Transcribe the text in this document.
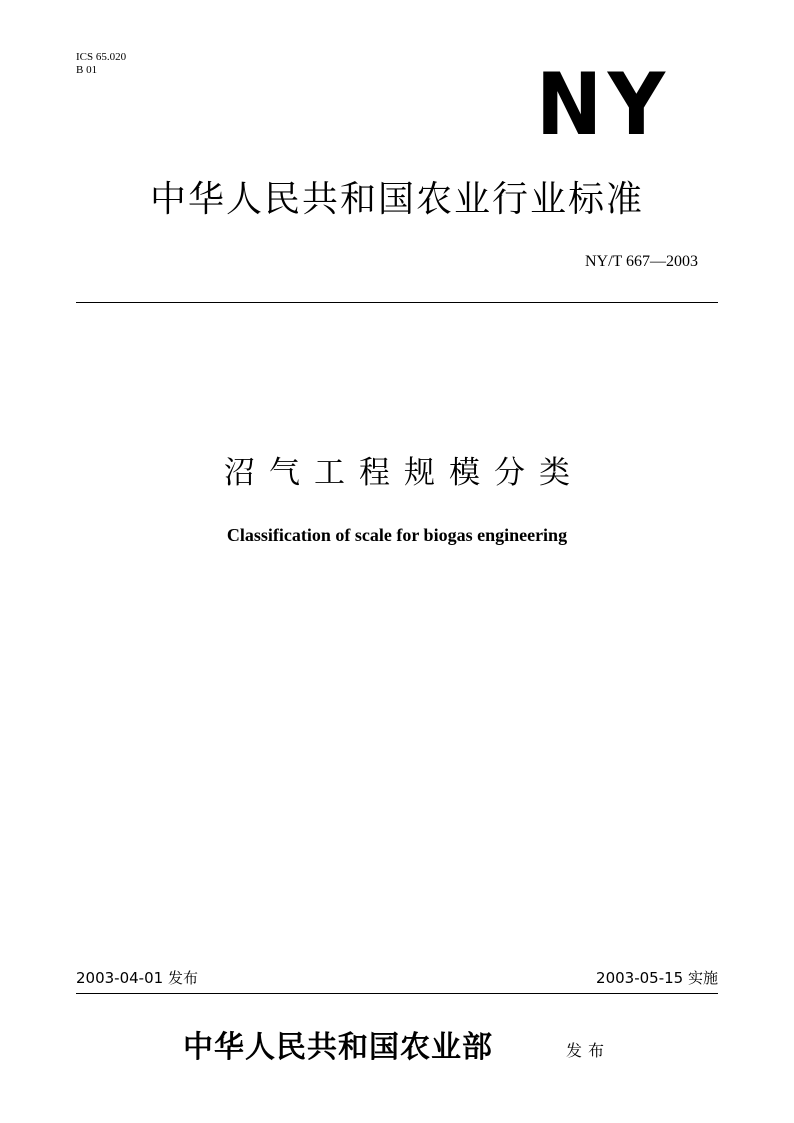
ICS 65.020
B 01	NY
中华人民共和国农业行业标准
NY/T 667—2003
沼气工程规模分类
Classification of scale for biogas engineering
2003-04-01 发布	2003-05-15 实施
中华人民共和国农业部	发布
